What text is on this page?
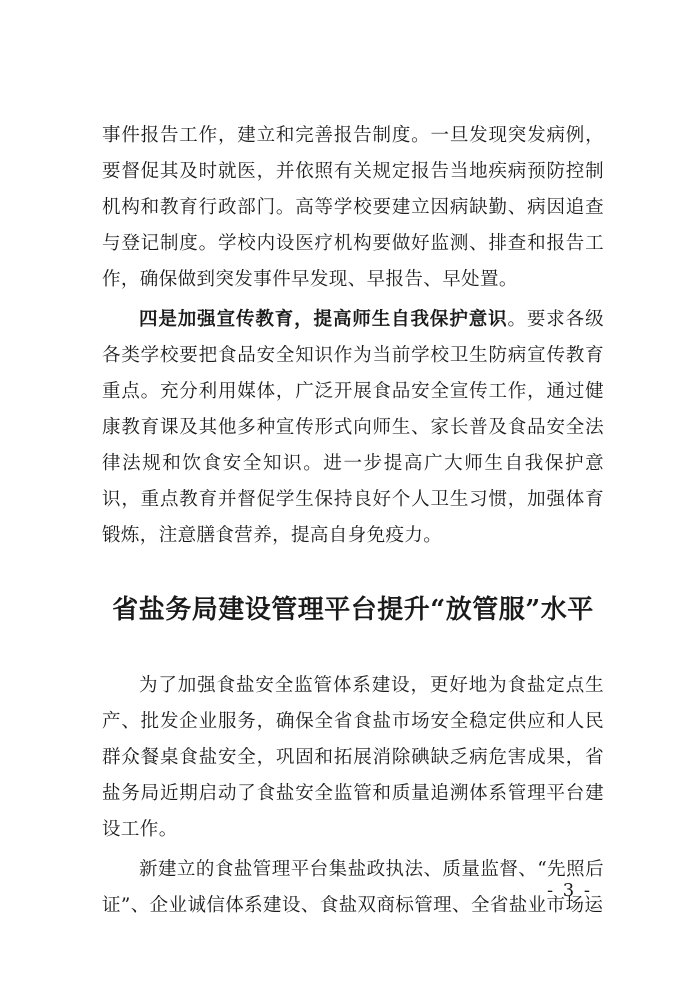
事件报告工作，建立和完善报告制度。一旦发现突发病例，要督促其及时就医，并依照有关规定报告当地疾病预防控制机构和教育行政部门。高等学校要建立因病缺勤、病因追查与登记制度。学校内设医疗机构要做好监测、排查和报告工作，确保做到突发事件早发现、早报告、早处置。

四是加强宣传教育，提高师生自我保护意识。要求各级各类学校要把食品安全知识作为当前学校卫生防病宣传教育重点。充分利用媒体，广泛开展食品安全宣传工作，通过健康教育课及其他多种宣传形式向师生、家长普及食品安全法律法规和饮食安全知识。进一步提高广大师生自我保护意识，重点教育并督促学生保持良好个人卫生习惯，加强体育锻炼，注意膳食营养，提高自身免疫力。

省盐务局建设管理平台提升“放管服”水平

为了加强食盐安全监管体系建设，更好地为食盐定点生产、批发企业服务，确保全省食盐市场安全稳定供应和人民群众餐桌食盐安全，巩固和拓展消除碘缺乏病危害成果，省盐务局近期启动了食盐安全监管和质量追溯体系管理平台建设工作。

新建立的食盐管理平台集盐政执法、质量监督、“先照后证”、企业诚信体系建设、食盐双商标管理、全省盐业市场运

- 3 -
